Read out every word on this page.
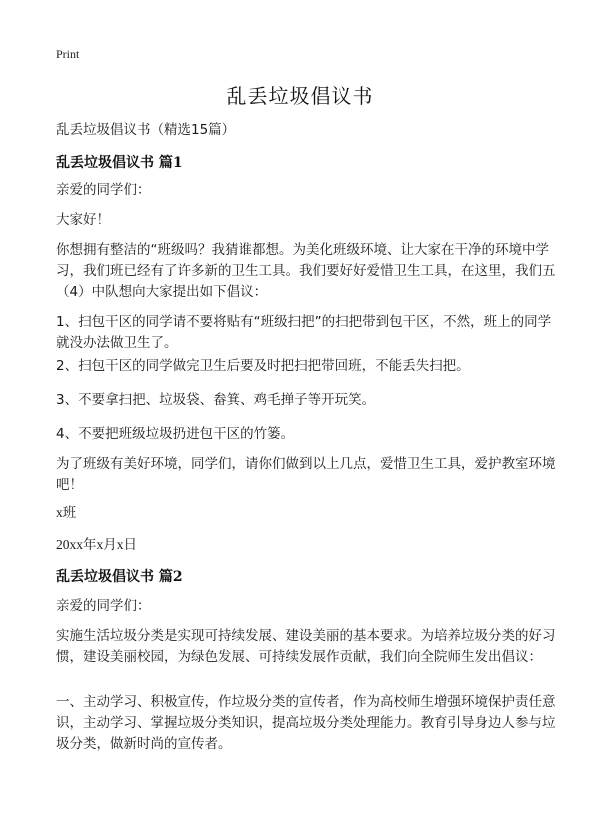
Print
乱丢垃圾倡议书
乱丢垃圾倡议书（精选15篇）
乱丢垃圾倡议书 篇1
亲爱的同学们：
大家好！
你想拥有整洁的“班级吗？我猜谁都想。为美化班级环境、让大家在干净的环境中学习，我们班已经有了许多新的卫生工具。我们要好好爱惜卫生工具，在这里，我们五（4）中队想向大家提出如下倡议：
1、扫包干区的同学请不要将贴有“班级扫把”的扫把带到包干区，不然，班上的同学就没办法做卫生了。
2、扫包干区的同学做完卫生后要及时把扫把带回班，不能丢失扫把。
3、不要拿扫把、垃圾袋、畚箕、鸡毛掸子等开玩笑。
4、不要把班级垃圾扔进包干区的竹篓。
为了班级有美好环境，同学们，请你们做到以上几点，爱惜卫生工具，爱护教室环境吧！
x班
20xx年x月x日
乱丢垃圾倡议书 篇2
亲爱的同学们：
实施生活垃圾分类是实现可持续发展、建设美丽的基本要求。为培养垃圾分类的好习惯，建设美丽校园，为绿色发展、可持续发展作贡献，我们向全院师生发出倡议：
一、主动学习、积极宣传，作垃圾分类的宣传者，作为高校师生增强环境保护责任意识，主动学习、掌握垃圾分类知识，提高垃圾分类处理能力。教育引导身边人参与垃圾分类，做新时尚的宣传者。
